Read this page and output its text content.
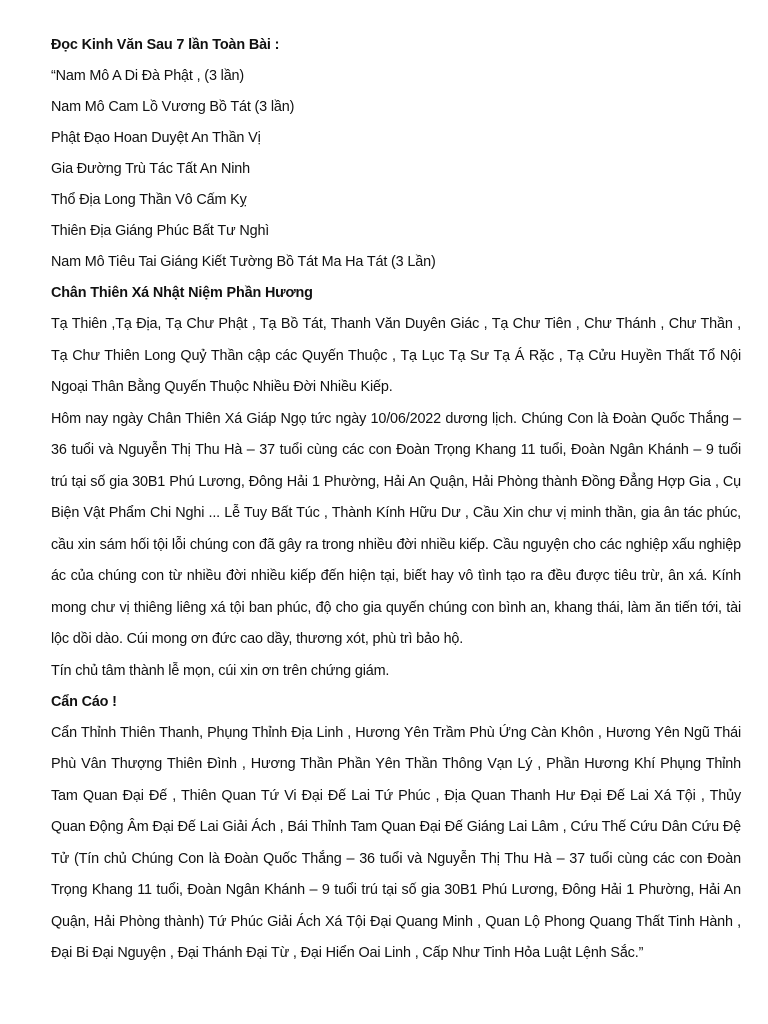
Đọc Kinh Văn Sau 7 lần Toàn Bài :
“Nam Mô A Di Đà Phật , (3 lần)
Nam Mô Cam Lồ Vương Bồ Tát (3 lần)
Phật Đạo Hoan Duyệt An Thần Vị
Gia Đường Trù Tác Tất An Ninh
Thổ Địa Long Thần Vô Cấm Kỵ
Thiên Địa Giáng Phúc Bất Tư Nghì
Nam Mô Tiêu Tai Giáng Kiết Tường Bồ Tát Ma Ha Tát (3 Lần)
Chân Thiên Xá Nhật Niệm Phần Hương
Tạ Thiên ,Tạ Địa, Tạ Chư Phật , Tạ Bồ Tát, Thanh Văn Duyên Giác , Tạ Chư Tiên , Chư Thánh , Chư Thần , Tạ Chư Thiên Long Quỷ Thần cập các Quyến Thuộc , Tạ Lục Tạ Sư Tạ Á Rặc , Tạ Cửu Huyền Thất Tổ Nội Ngoại Thân Bằng Quyến Thuộc Nhiều Đời Nhiều Kiếp.
Hôm nay ngày Chân Thiên Xá Giáp Ngọ tức ngày 10/06/2022 dương lịch. Chúng Con là Đoàn Quốc Thắng – 36 tuổi và Nguyễn Thị Thu Hà – 37 tuổi cùng các con Đoàn Trọng Khang 11 tuổi, Đoàn Ngân Khánh – 9 tuổi trú tại số gia 30B1 Phú Lương, Đông Hải 1 Phường, Hải An Quận, Hải Phòng thành Đồng Đẳng Hợp Gia , Cụ Biện Vật Phẩm Chi Nghi ... Lễ Tuy Bất Túc , Thành Kính Hữu Dư , Cầu Xin chư vị minh thần, gia ân tác phúc, cầu xin sám hối tội lỗi chúng con đã gây ra trong nhiều đời nhiều kiếp. Cầu nguyện cho các nghiệp xấu nghiệp ác của chúng con từ nhiều đời nhiều kiếp đến hiện tại, biết hay vô tình tạo ra đều được tiêu trừ, ân xá. Kính mong chư vị thiêng liêng xá tội ban phúc, độ cho gia quyến chúng con bình an, khang thái, làm ăn tiến tới, tài lộc dồi dào. Cúi mong ơn đức cao dầy, thương xót, phù trì bảo hộ.
Tín chủ tâm thành lễ mọn, cúi xin ơn trên chứng giám.
Cẩn Cáo !
Cẩn Thỉnh Thiên Thanh, Phụng Thỉnh Địa Linh , Hương Yên Trầm Phù Ứng Càn Khôn , Hương Yên Ngũ Thái Phù Vân Thượng Thiên Đình , Hương Thần Phần Yên Thần Thông Vạn Lý , Phần Hương Khí Phụng Thỉnh Tam Quan Đại Đế , Thiên Quan Tứ Vi Đại Đế Lai Tứ Phúc , Địa Quan Thanh Hư Đại Đế Lai Xá Tội , Thủy Quan Động Âm Đại Đế Lai Giải Ách , Bái Thỉnh Tam Quan Đại Đế Giáng Lai Lâm , Cứu Thế Cứu Dân Cứu Đệ Tử (Tín chủ Chúng Con là Đoàn Quốc Thắng – 36 tuổi và Nguyễn Thị Thu Hà – 37 tuổi cùng các con Đoàn Trọng Khang 11 tuổi, Đoàn Ngân Khánh – 9 tuổi trú tại số gia 30B1 Phú Lương, Đông Hải 1 Phường, Hải An Quận, Hải Phòng thành) Tứ Phúc Giải Ách Xá Tội Đại Quang Minh , Quan Lộ Phong Quang Thất Tinh Hành , Đại Bi Đại Nguyện , Đại Thánh Đại Từ , Đại Hiển Oai Linh , Cấp Như Tinh Hỏa Luật Lệnh Sắc.”
